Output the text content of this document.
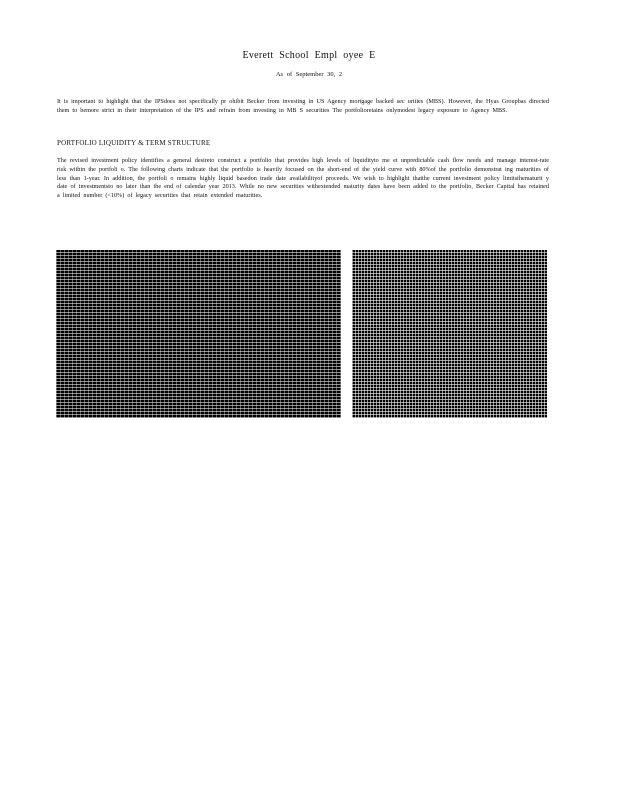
Everett School Empl oyee E
As of September 30, 2

It is important to highlight that the IPSdoes not specifically pr ohibit Becker from investing in US Agency mortgage backed sec urities (MBS). However, the Hyas Groupbas directed them to bemore strict in their interpretation of the IPS and refrain from investing in MB S securities The portfolioretains onlymodest legacy exposure to Agency MBS.

PORTFOLIO LIQUIDITY & TERM STRUCTURE

The revised investment policy identifies a general desireto construct a portfolio that provides high levels of liquidityto me et unpredictable cash flow needs and manage interest-rate risk within the portfoli o. The following charts indicate that the portfolio is heavily focused on the short-end of the yield curve with 80%of the portfolio demonstrat ing maturities of less than 1-year. In addition, the portfoli o remains highly liquid basedon trade date availabilityof proceeds. We wish to highlight thatthe current investment policy limitsthematurit y date of investmentsto no later than the end of calendar year 2013. While no new securities withextended maturity dates have been added to the portfolio, Becker Capital has retained a limited number (<10%) of legacy securities that retain extended maturities.
